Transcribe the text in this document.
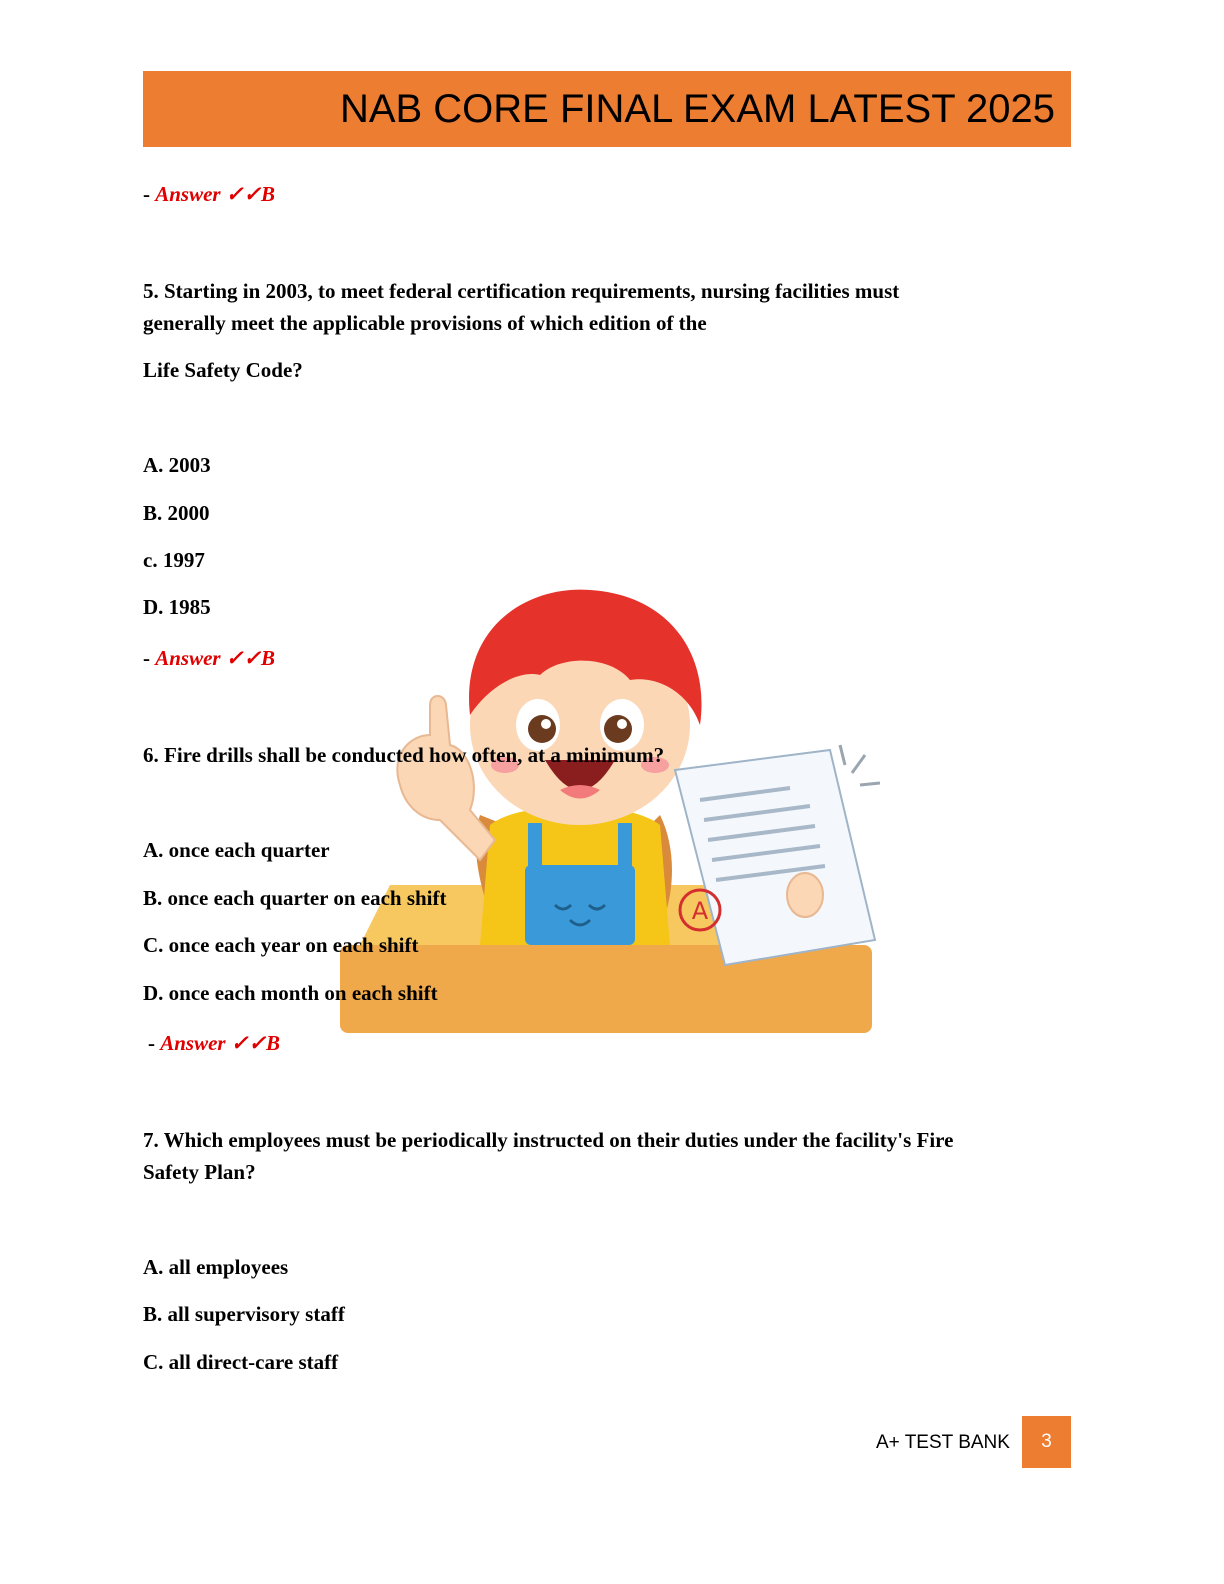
NAB CORE FINAL EXAM LATEST 2025
- Answer ✓✓B
5. Starting in 2003, to meet federal certification requirements, nursing facilities must
generally meet the applicable provisions of which edition of the
Life Safety Code?
A. 2003
B. 2000
c. 1997
D. 1985
- Answer ✓✓B
A
6. Fire drills shall be conducted how often, at a minimum?
A. once each quarter
B. once each quarter on each shift
C. once each year on each shift
D. once each month on each shift
- Answer ✓✓B
7. Which employees must be periodically instructed on their duties under the facility's Fire
Safety Plan?
A. all employees
B. all supervisory staff
C. all direct-care staff
A+ TEST BANK	3
